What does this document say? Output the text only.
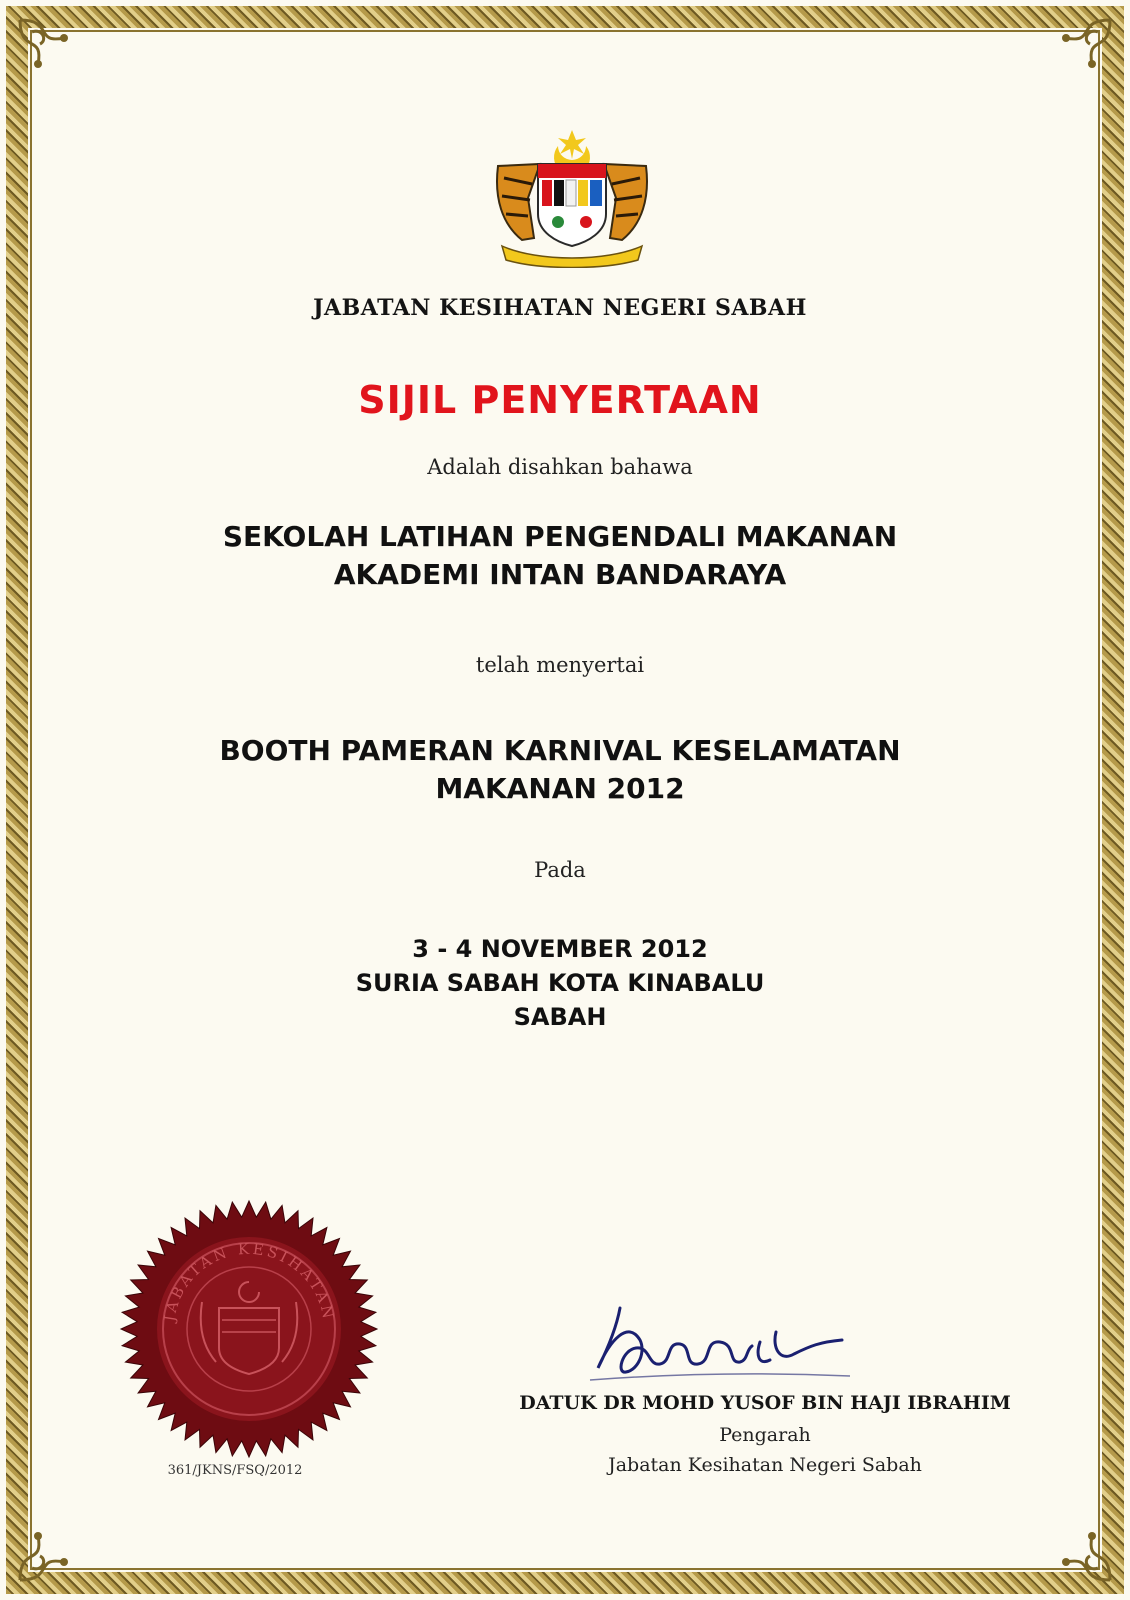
JABATAN KESIHATAN NEGERI SABAH

SIJIL PENYERTAAN

Adalah disahkan bahawa

SEKOLAH LATIHAN PENGENDALI MAKANAN
AKADEMI INTAN BANDARAYA

telah menyertai

BOOTH PAMERAN KARNIVAL KESELAMATAN
MAKANAN 2012

Pada

3 - 4 NOVEMBER 2012
SURIA SABAH KOTA KINABALU
SABAH
JABATAN KESIHATAN
361/JKNS/FSQ/2012

DATUK DR MOHD YUSOF BIN HAJI IBRAHIM

Pengarah

Jabatan Kesihatan Negeri Sabah
